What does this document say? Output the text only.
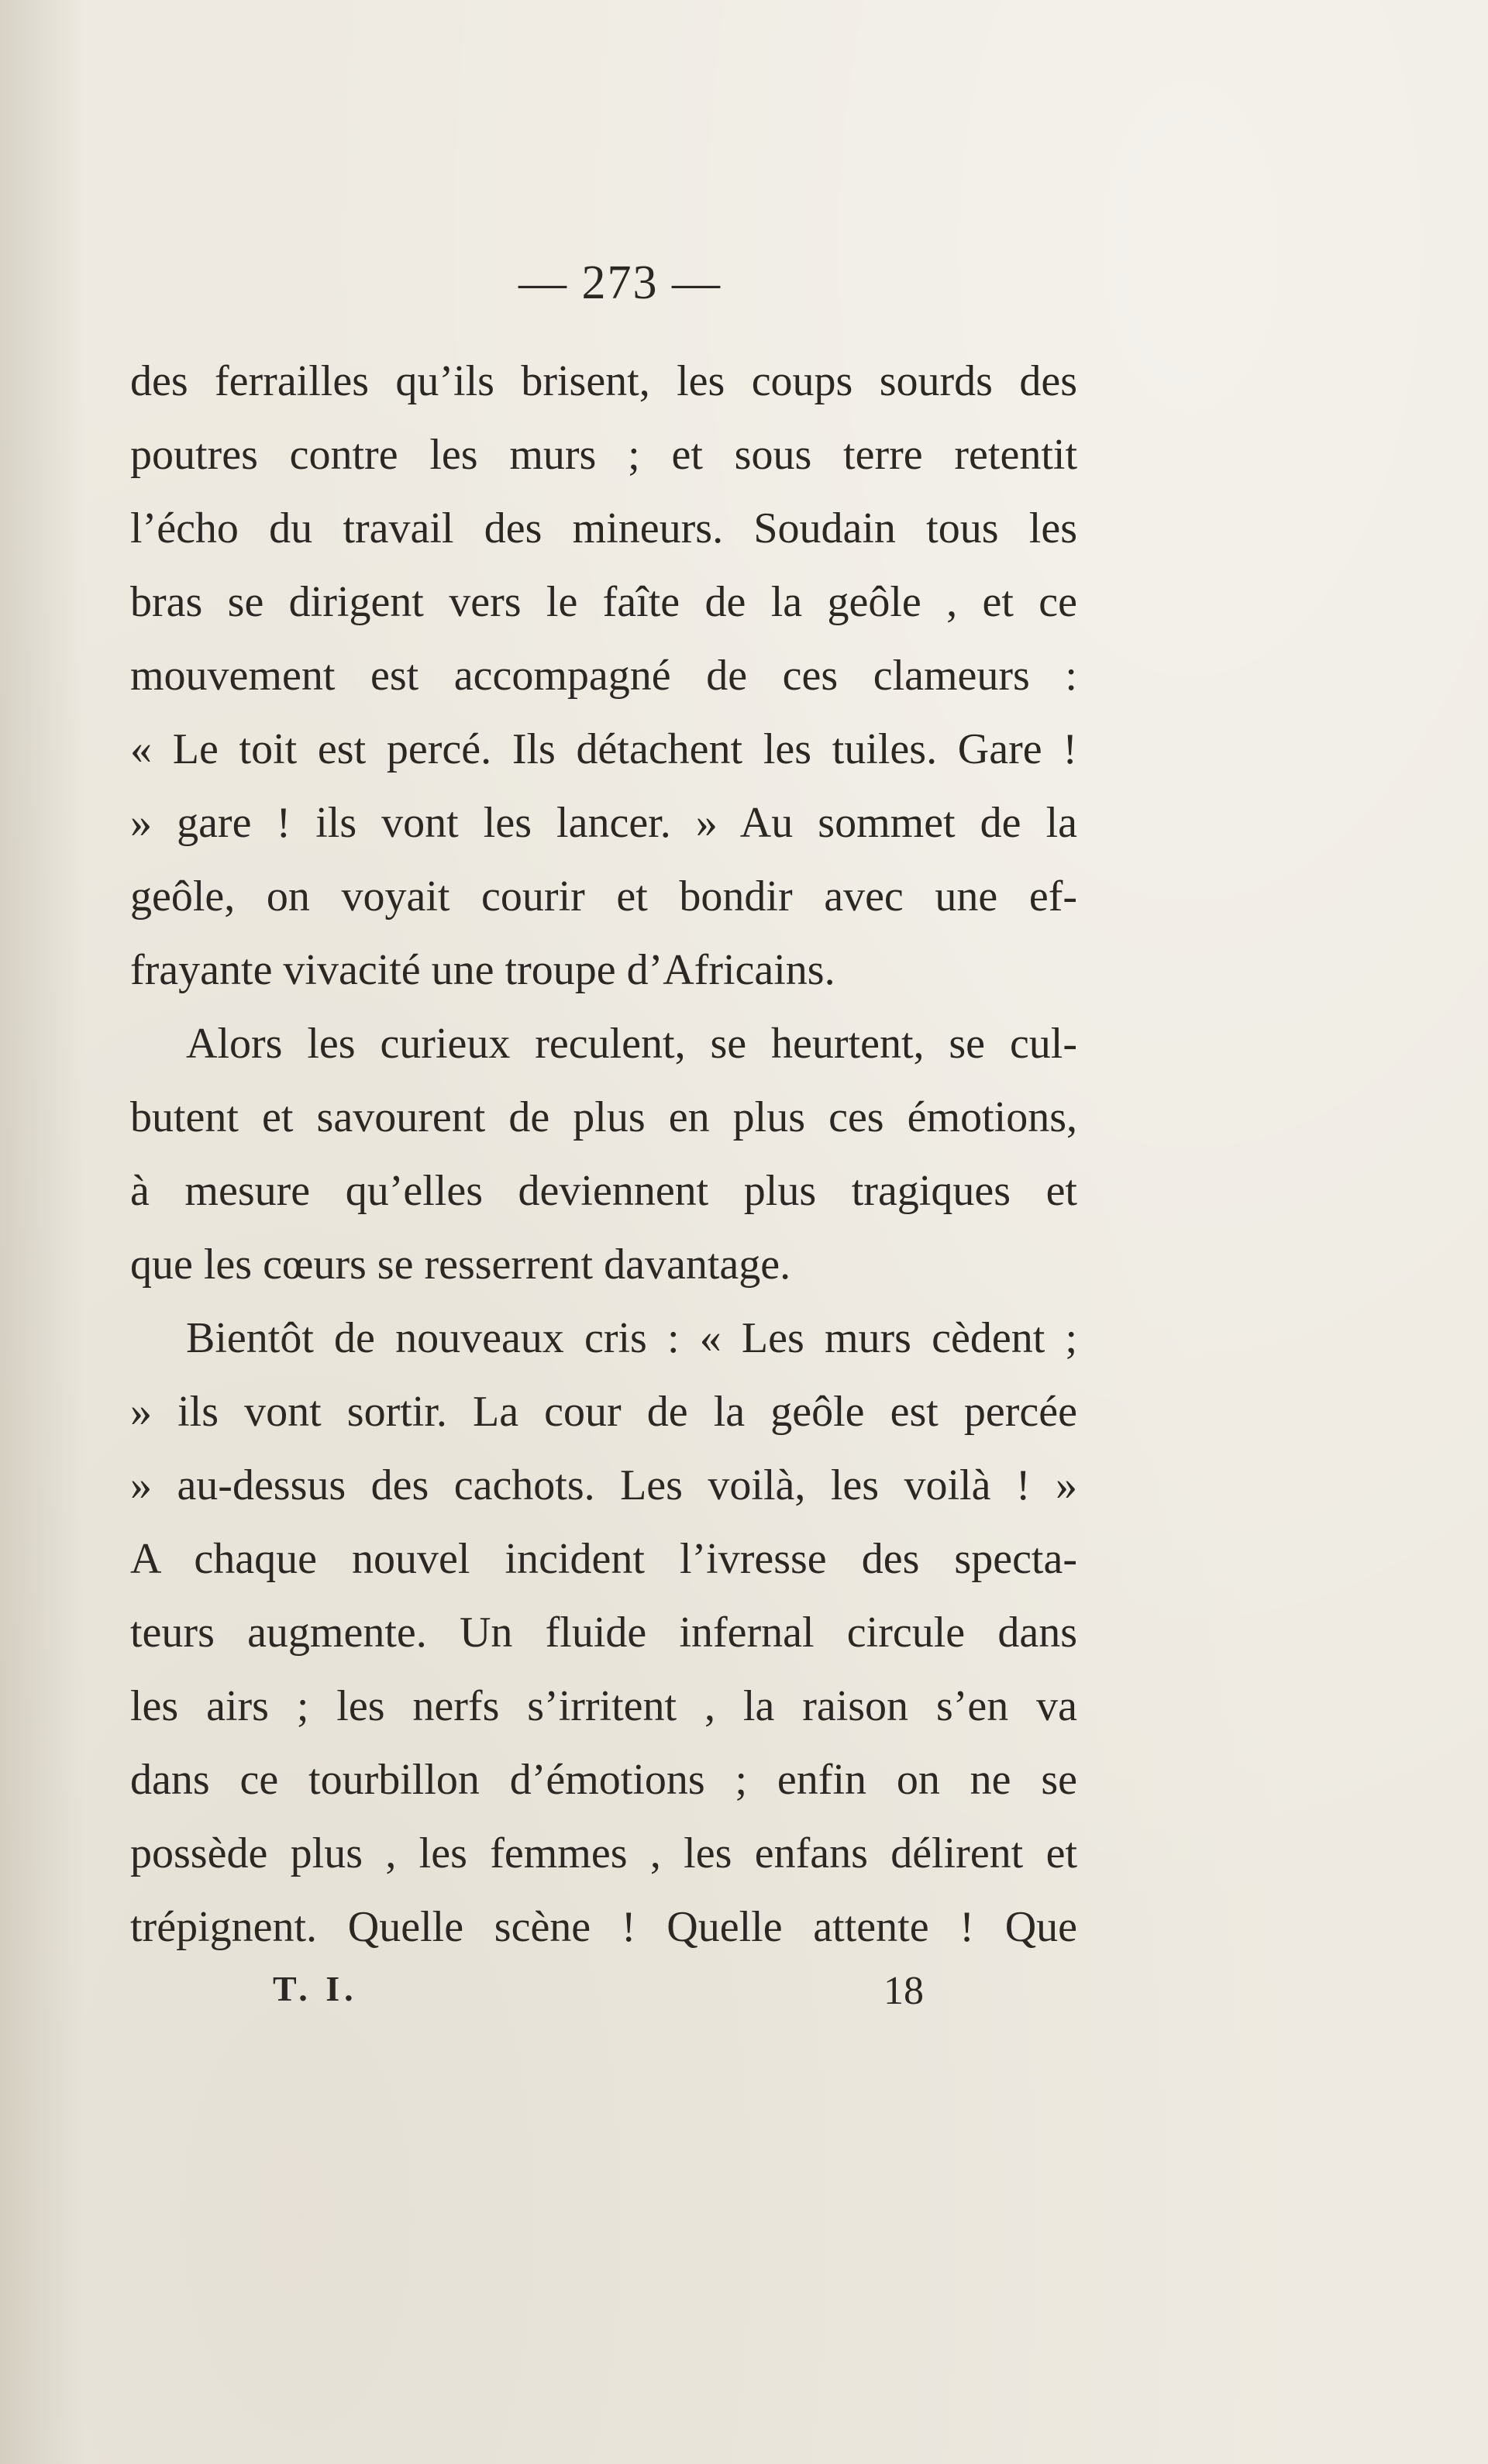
— 273 —
des ferrailles qu’ils brisent, les coups sourds des
poutres contre les murs ; et sous terre retentit
l’écho du travail des mineurs. Soudain tous les
bras se dirigent vers le faîte de la geôle , et ce
mouvement est accompagné de ces clameurs :
« Le toit est percé. Ils détachent les tuiles. Gare !
» gare ! ils vont les lancer. » Au sommet de la
geôle, on voyait courir et bondir avec une ef-
frayante vivacité une troupe d’Africains.
Alors les curieux reculent, se heurtent, se cul-
butent et savourent de plus en plus ces émotions,
à mesure qu’elles deviennent plus tragiques et
que les cœurs se resserrent davantage.
Bientôt de nouveaux cris : « Les murs cèdent ;
» ils vont sortir. La cour de la geôle est percée
» au-dessus des cachots. Les voilà, les voilà ! »
A chaque nouvel incident l’ivresse des specta-
teurs augmente. Un fluide infernal circule dans
les airs ; les nerfs s’irritent , la raison s’en va
dans ce tourbillon d’émotions ; enfin on ne se
possède plus , les femmes , les enfans délirent et
trépignent. Quelle scène ! Quelle attente ! Que
T. I.	18
